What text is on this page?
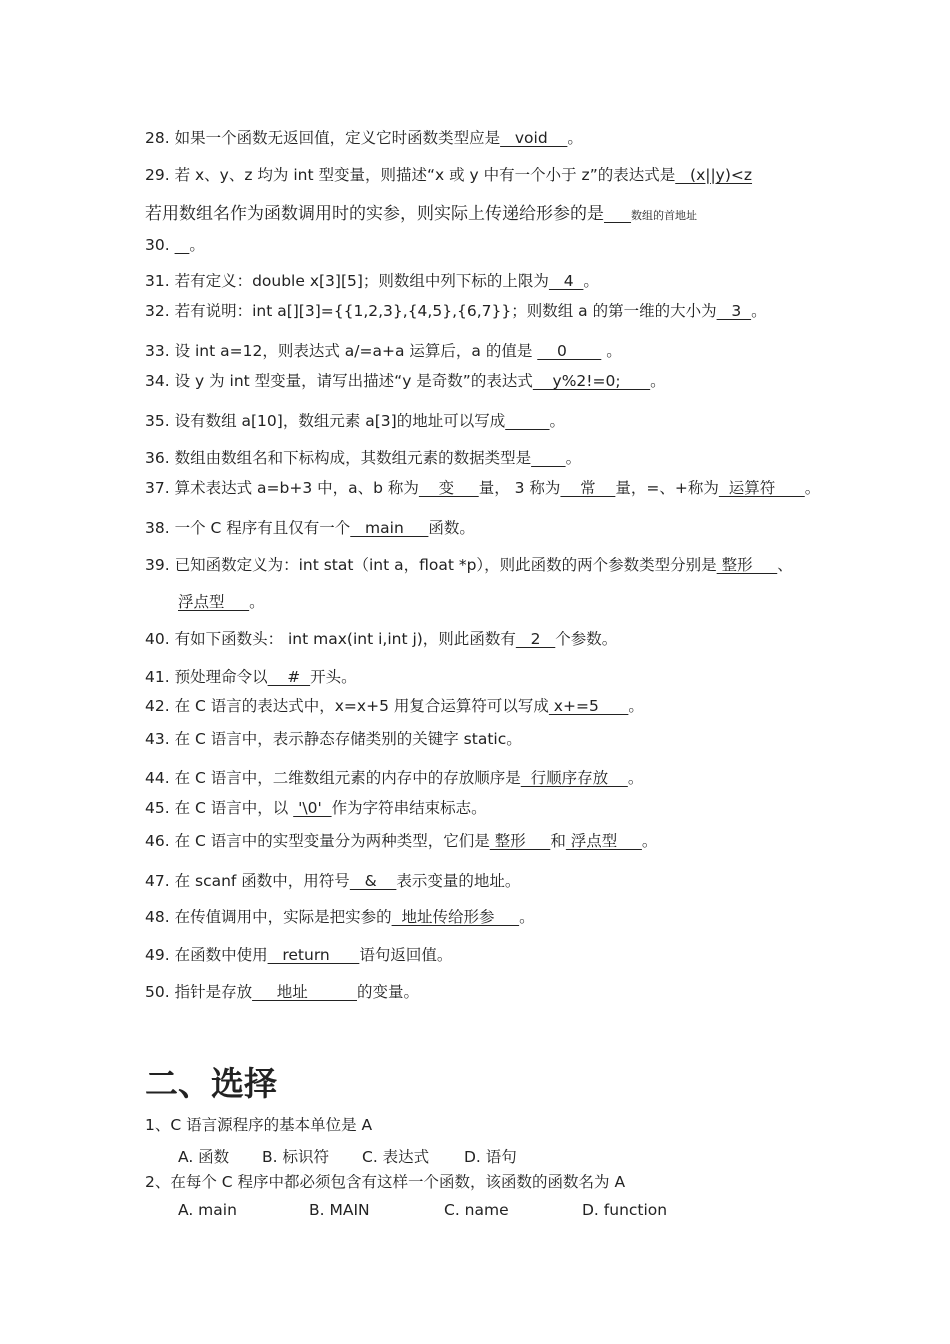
28. 如果一个函数无返回值，定义它时函数类型应是   void    。
29. 若 x、y、z 均为 int 型变量，则描述“x 或 y 中有一个小于 z”的表达式是   (x||y)<z
31. 若有定义：double x[3][5]；则数组中列下标的上限为   4  。
32. 若有说明：int a[][3]={{1,2,3},{4,5},{6,7}}；则数组 a 的第一维的大小为   3  。
33. 设 int a=12，则表达式 a/=a+a 运算后，a 的值是     0        。
34. 设 y 为 int 型变量，请写出描述“y 是奇数”的表达式    y%2!=0;      。
35. 设有数组 a[10]，数组元素 a[3]的地址可以写成	。
36. 数组由数组名和下标构成，其数组元素的数据类型是 。
38. 一个 C 程序有且仅有一个   main     函数。
40. 有如下函数头： int max(int i,int j)，则此函数有   2   个参数。
41. 预处理命令以    #  开头。
42. 在 C 语言的表达式中，x=x+5 用复合运算符可以写成 x+=5      。
43. 在 C 语言中，表示静态存储类别的关键字 static。
44. 在 C 语言中，二维数组元素的内存中的存放顺序是  行顺序存放    。
45. 在 C 语言中，以  '\0'  作为字符串结束标志。
46. 在 C 语言中的实型变量分为两种类型，它们是 整形     和 浮点型     。
47. 在 scanf 函数中，用符号   &    表示变量的地址。
48. 在传值调用中，实际是把实参的  地址传给形参     。
49. 在函数中使用   return      语句返回值。
50. 指针是存放     地址          的变量。
若用数组名作为函数调用时的实参，则实际上传递给形参的是 数组的首地址
30.    。
37. 算术表达式 a=b+3 中，a、b 称为    变     量， 3 称为    常    量，=、+称为  运算符      。
39. 已知函数定义为：int stat（int a，float *p），则此函数的两个参数类型分别是 整形     、
浮点型     。
二、选择
1、C 语言源程序的基本单位是 A
A. 函数 B. 标识符 C. 表达式 D. 语句
2、在每个 C 程序中都必须包含有这样一个函数，该函数的函数名为 A
A. main	B. MAIN	C. name	D. function
